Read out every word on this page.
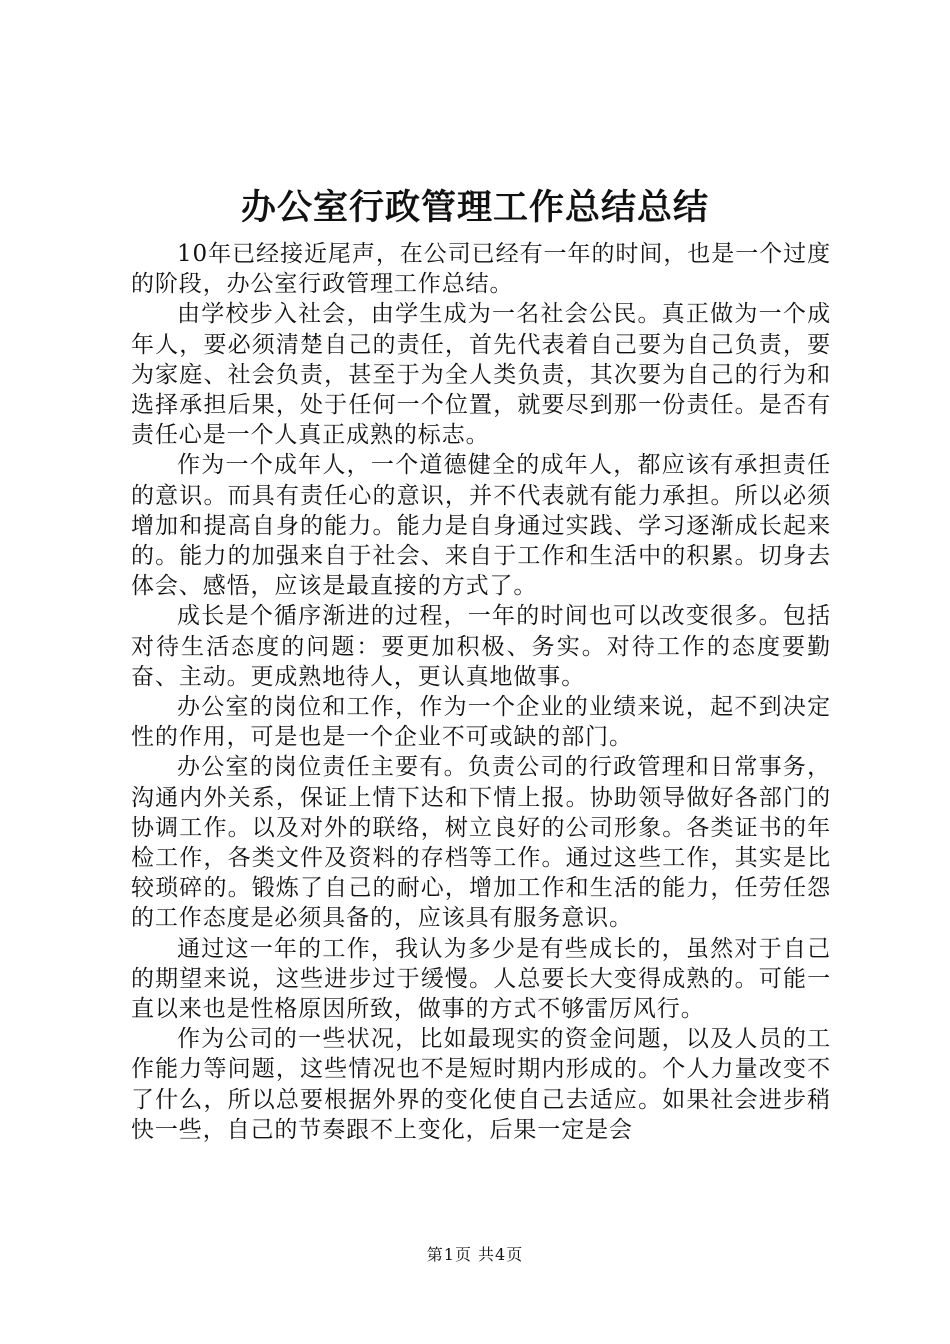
办公室行政管理工作总结总结

10年已经接近尾声，在公司已经有一年的时间，也是一个过度的阶段，办公室行政管理工作总结。

由学校步入社会，由学生成为一名社会公民。真正做为一个成年人，要必须清楚自己的责任，首先代表着自己要为自己负责，要为家庭、社会负责，甚至于为全人类负责，其次要为自己的行为和选择承担后果，处于任何一个位置，就要尽到那一份责任。是否有责任心是一个人真正成熟的标志。

作为一个成年人，一个道德健全的成年人，都应该有承担责任的意识。而具有责任心的意识，并不代表就有能力承担。所以必须增加和提高自身的能力。能力是自身通过实践、学习逐渐成长起来的。能力的加强来自于社会、来自于工作和生活中的积累。切身去体会、感悟，应该是最直接的方式了。

成长是个循序渐进的过程，一年的时间也可以改变很多。包括对待生活态度的问题：要更加积极、务实。对待工作的态度要勤奋、主动。更成熟地待人，更认真地做事。

办公室的岗位和工作，作为一个企业的业绩来说，起不到决定性的作用，可是也是一个企业不可或缺的部门。

办公室的岗位责任主要有。负责公司的行政管理和日常事务，沟通内外关系，保证上情下达和下情上报。协助领导做好各部门的协调工作。以及对外的联络，树立良好的公司形象。各类证书的年检工作，各类文件及资料的存档等工作。通过这些工作，其实是比较琐碎的。锻炼了自己的耐心，增加工作和生活的能力，任劳任怨的工作态度是必须具备的，应该具有服务意识。

通过这一年的工作，我认为多少是有些成长的，虽然对于自己的期望来说，这些进步过于缓慢。人总要长大变得成熟的。可能一直以来也是性格原因所致，做事的方式不够雷厉风行。

作为公司的一些状况，比如最现实的资金问题，以及人员的工作能力等问题，这些情况也不是短时期内形成的。个人力量改变不了什么，所以总要根据外界的变化使自己去适应。如果社会进步稍快一些，自己的节奏跟不上变化，后果一定是会

第1页 共4页
